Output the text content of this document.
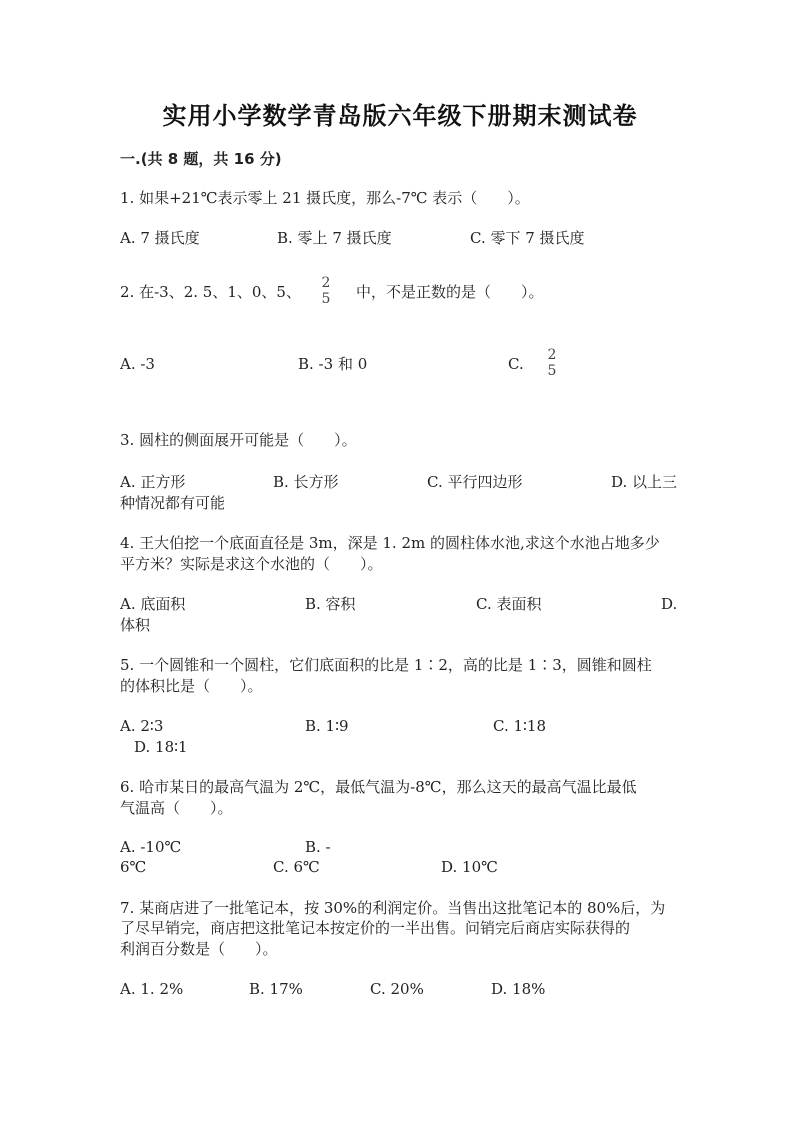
实用小学数学青岛版六年级下册期末测试卷
一.(共 8 题，共 16 分)
1. 如果+21℃表示零上 21 摄氏度，那么-7℃ 表示（　　）。
A. 7 摄氏度	B. 零上 7 摄氏度	C. 零下 7 摄氏度
2. 在-3、2. 5、1、0、5、 2
5 中，不是正数的是（　　）。
A. -3	B. -3 和 0	C. 2
5
3. 圆柱的侧面展开可能是（　　）。
A. 正方形	B. 长方形	C. 平行四边形	D. 以上三
种情况都有可能
4. 王大伯挖一个底面直径是 3m，深是 1. 2m 的圆柱体水池,求这个水池占地多少
平方米？实际是求这个水池的（　　）。
A. 底面积	B. 容积	C. 表面积	D.
体积
5. 一个圆锥和一个圆柱，它们底面积的比是 1∶2，高的比是 1∶3，圆锥和圆柱
的体积比是（　　）。
A. 2∶3	B. 1∶9	C. 1∶18
D. 18∶1
6. 哈市某日的最高气温为 2℃，最低气温为-8℃，那么这天的最高气温比最低
气温高（　　）。
A. -10℃	B. -
6℃	C. 6℃	D. 10℃
7. 某商店进了一批笔记本，按 30%的利润定价。当售出这批笔记本的 80%后，为
了尽早销完，商店把这批笔记本按定价的一半出售。问销完后商店实际获得的
利润百分数是（　　）。
A. 1. 2%	B. 17%	C. 20%	D. 18%
